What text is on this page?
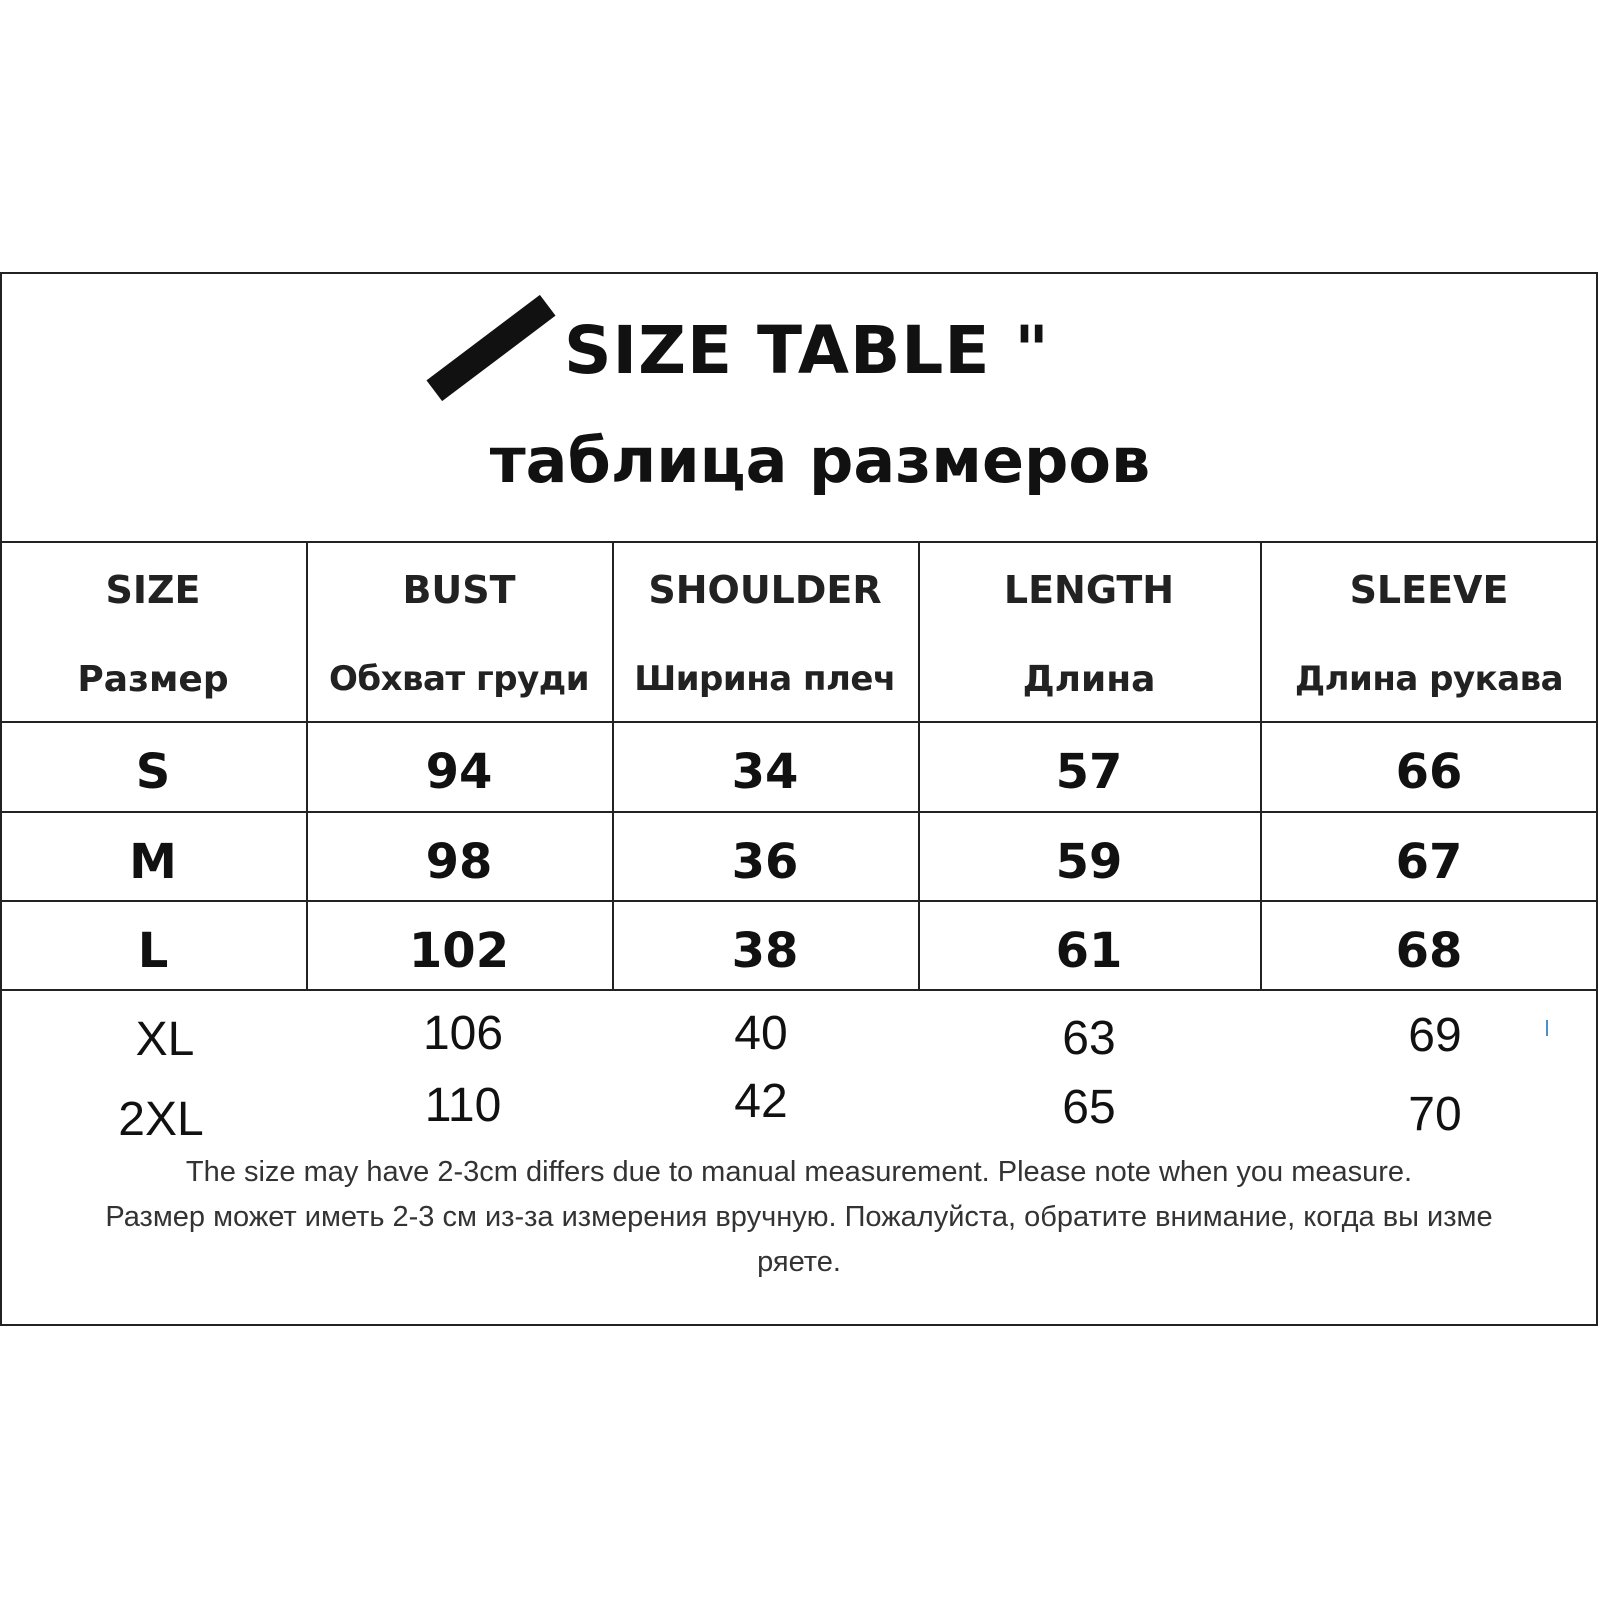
SIZE TABLE "
таблица размеров
SIZE	BUST	SHOULDER	LENGTH	SLEEVE
Размер	Обхват груди	Ширина плеч	Длина	Длина рукава
S	94	34	57	66
M	98	36	59	67
L	102	38	61	68
XL	106	40	63	69
2XL	110	42	65	70
The size may have 2-3cm differs due to manual measurement. Please note when you measure.
Размер может иметь 2-3 см из-за измерения вручную. Пожалуйста, обратите внимание, когда вы изме
ряете.
